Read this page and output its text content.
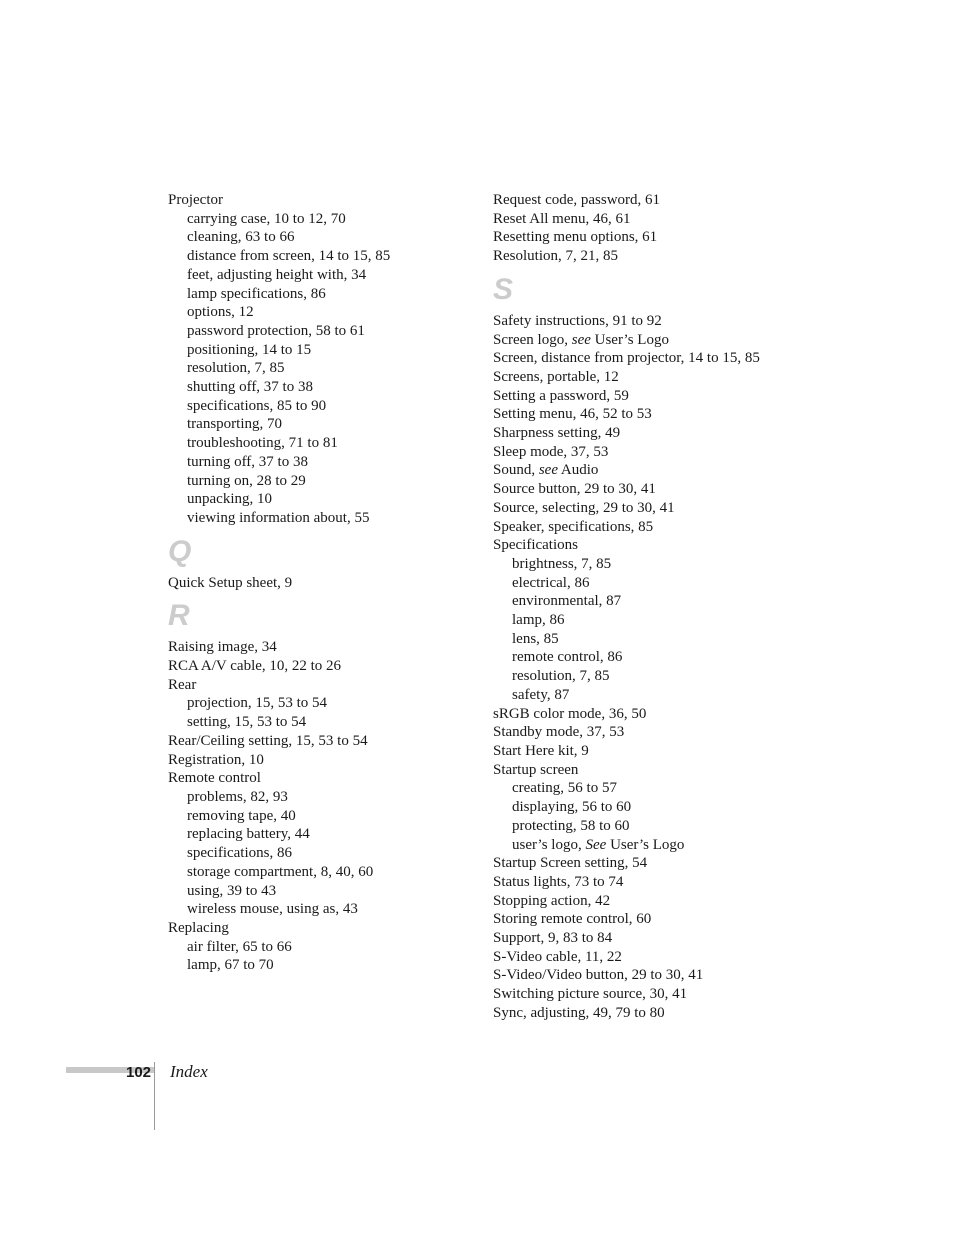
Projector
carrying case, 10 to 12, 70
cleaning, 63 to 66
distance from screen, 14 to 15, 85
feet, adjusting height with, 34
lamp specifications, 86
options, 12
password protection, 58 to 61
positioning, 14 to 15
resolution, 7, 85
shutting off, 37 to 38
specifications, 85 to 90
transporting, 70
troubleshooting, 71 to 81
turning off, 37 to 38
turning on, 28 to 29
unpacking, 10
viewing information about, 55
Q
Quick Setup sheet, 9
R
Raising image, 34
RCA A/V cable, 10, 22 to 26
Rear
projection, 15, 53 to 54
setting, 15, 53 to 54
Rear/Ceiling setting, 15, 53 to 54
Registration, 10
Remote control
problems, 82, 93
removing tape, 40
replacing battery, 44
specifications, 86
storage compartment, 8, 40, 60
using, 39 to 43
wireless mouse, using as, 43
Replacing
air filter, 65 to 66
lamp, 67 to 70
Request code, password, 61
Reset All menu, 46, 61
Resetting menu options, 61
Resolution, 7, 21, 85
S
Safety instructions, 91 to 92
Screen logo, see User’s Logo
Screen, distance from projector, 14 to 15, 85
Screens, portable, 12
Setting a password, 59
Setting menu, 46, 52 to 53
Sharpness setting, 49
Sleep mode, 37, 53
Sound, see Audio
Source button, 29 to 30, 41
Source, selecting, 29 to 30, 41
Speaker, specifications, 85
Specifications
brightness, 7, 85
electrical, 86
environmental, 87
lamp, 86
lens, 85
remote control, 86
resolution, 7, 85
safety, 87
sRGB color mode, 36, 50
Standby mode, 37, 53
Start Here kit, 9
Startup screen
creating, 56 to 57
displaying, 56 to 60
protecting, 58 to 60
user’s logo, See User’s Logo
Startup Screen setting, 54
Status lights, 73 to 74
Stopping action, 42
Storing remote control, 60
Support, 9, 83 to 84
S-Video cable, 11, 22
S-Video/Video button, 29 to 30, 41
Switching picture source, 30, 41
Sync, adjusting, 49, 79 to 80
102 Index
